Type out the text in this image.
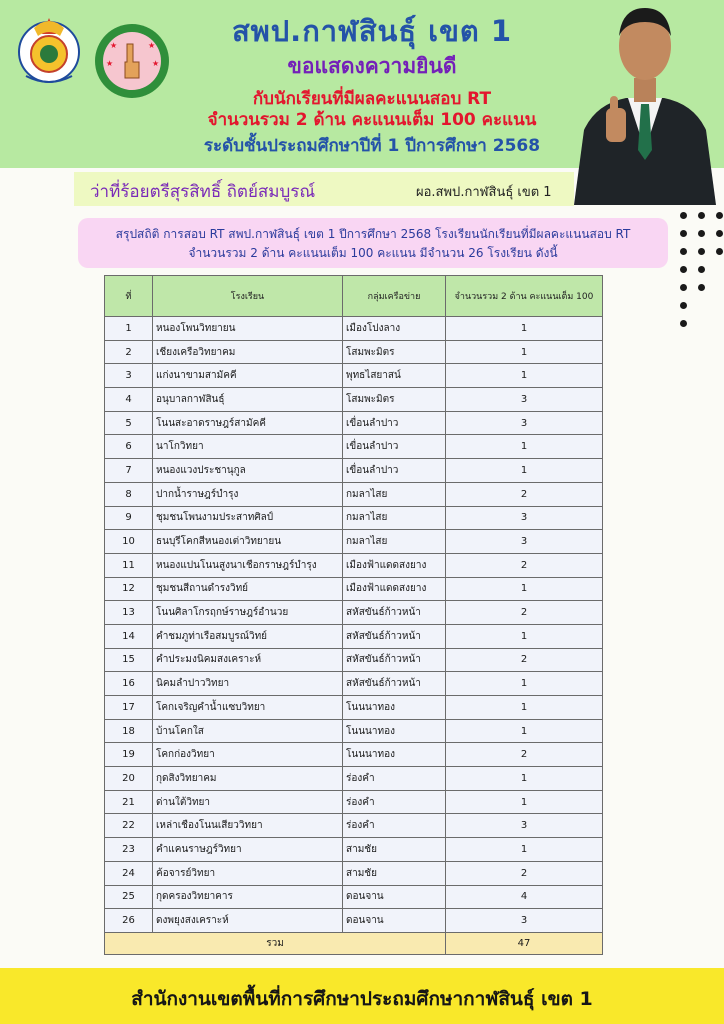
★	★
★	★
สพป.กาฬสินธุ์ เขต 1
ขอแสดงความยินดี
กับนักเรียนที่มีผลคะแนนสอบ RT
จำนวนรวม 2 ด้าน คะแนนเต็ม 100 คะแนน
ระดับชั้นประถมศึกษาปีที่ 1 ปีการศึกษา 2568
ว่าที่ร้อยตรีสุรสิทธิ์ ถิตย์สมบูรณ์	ผอ.สพป.กาฬสินธุ์ เขต 1
สรุปสถิติ การสอบ RT สพป.กาฬสินธุ์ เขต 1 ปีการศึกษา 2568 โรงเรียนนักเรียนที่มีผลคะแนนสอบ RT
จำนวนรวม 2 ด้าน คะแนนเต็ม 100 คะแนน มีจำนวน 26 โรงเรียน ดังนี้
ที่	โรงเรียน	กลุ่มเครือข่าย	จำนวนรวม 2 ด้าน คะแนนเต็ม 100
1	หนองโพนวิทยายน	เมืองโปงลาง	1
2	เชียงเครือวิทยาคม	โสมพะมิตร	1
3	แก่งนาขามสามัคคี	พุทธไสยาสน์	1
4	อนุบาลกาฬสินธุ์	โสมพะมิตร	3
5	โนนสะอาดราษฎร์สามัคคี	เขื่อนลำปาว	3
6	นาโกวิทยา	เขื่อนลำปาว	1
7	หนองแวงประชานุกูล	เขื่อนลำปาว	1
8	ปากน้ำราษฎร์บำรุง	กมลาไสย	2
9	ชุมชนโพนงามประสาทศิลป์	กมลาไสย	3
10	ธนบุรีโคกสีหนองเต่าวิทยายน	กมลาไสย	3
11	หนองแปนโนนสูงนาเชือกราษฎร์บำรุง	เมืองฟ้าแดดสงยาง	2
12	ชุมชนสีถานดำรงวิทย์	เมืองฟ้าแดดสงยาง	1
13	โนนศิลาโกรฤกษ์ราษฎร์อำนวย	สหัสขันธ์ก้าวหน้า	2
14	คำชมภูท่าเรือสมบูรณ์วิทย์	สหัสขันธ์ก้าวหน้า	1
15	คำประมงนิคมสงเคราะห์	สหัสขันธ์ก้าวหน้า	2
16	นิคมลำปาววิทยา	สหัสขันธ์ก้าวหน้า	1
17	โคกเจริญคำน้ำแซบวิทยา	โนนนาทอง	1
18	บ้านโคกใส	โนนนาทอง	1
19	โคกก่องวิทยา	โนนนาทอง	2
20	กุดสิงวิทยาคม	ร่องคำ	1
21	ด่านใต้วิทยา	ร่องคำ	1
22	เหล่าเชืองโนนเสียววิทยา	ร่องคำ	3
23	คำแคนราษฎร์วิทยา	สามชัย	1
24	ค้อจารย์วิทยา	สามชัย	2
25	กุดครองวิทยาคาร	ดอนจาน	4
26	ดงพยุงสงเคราะห์	ดอนจาน	3
รวม			47
สำนักงานเขตพื้นที่การศึกษาประถมศึกษากาฬสินธุ์ เขต 1
